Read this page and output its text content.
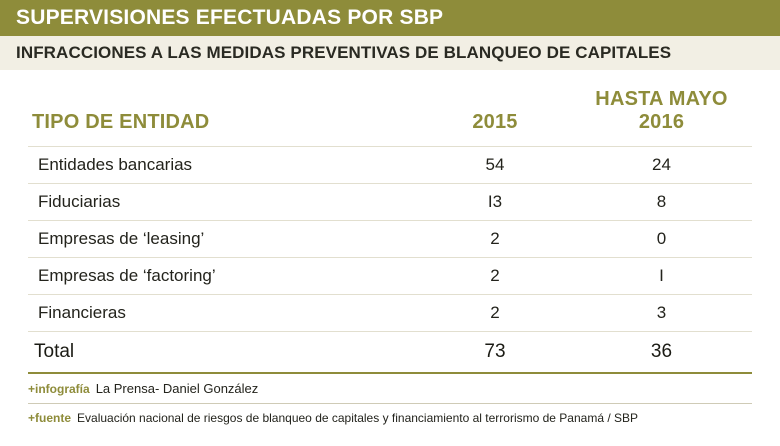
SUPERVISIONES EFECTUADAS POR SBP
INFRACCIONES A LAS MEDIDAS PREVENTIVAS DE BLANQUEO DE CAPITALES
TIPO DE ENTIDAD	2015	HASTA MAYO 2016
Entidades bancarias	54	24
Fiduciarias	I3	8
Empresas de ‘leasing’	2	0
Empresas de ‘factoring’	2	I
Financieras	2	3
Total	73	36
+infografía La Prensa- Daniel González
+fuente Evaluación nacional de riesgos de blanqueo de capitales y financiamiento al terrorismo de Panamá / SBP
